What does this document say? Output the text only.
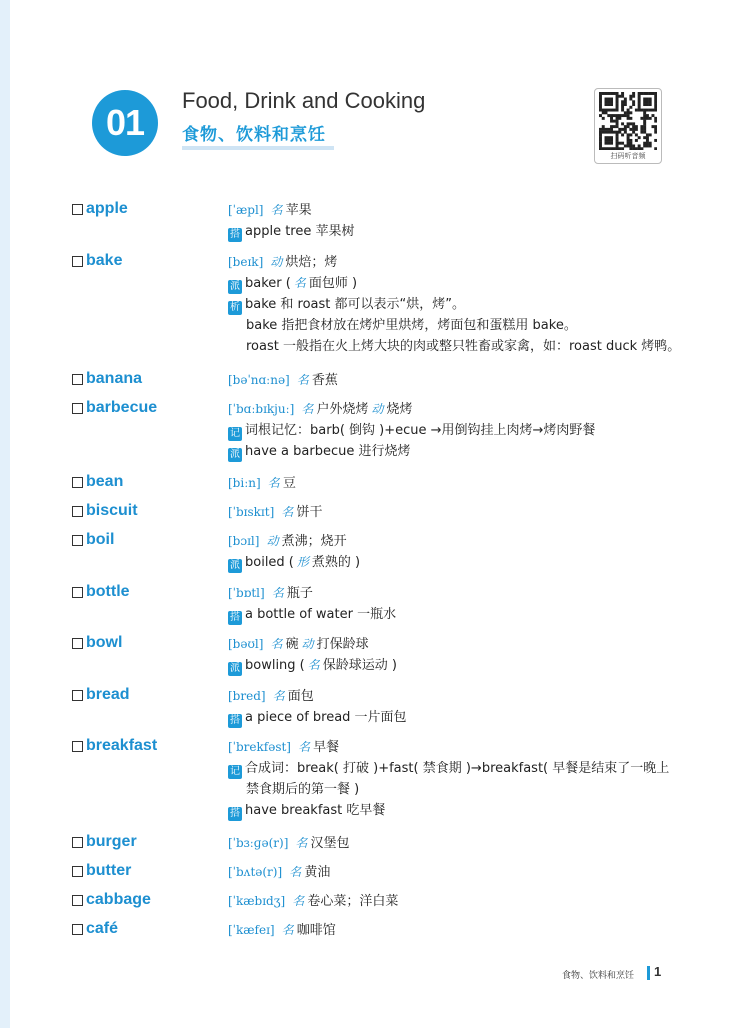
01
Food, Drink and Cooking
食物、饮料和烹饪
扫码听音频
apple	[ˈæpl] 名 苹果
搭 apple tree 苹果树
bake	[beɪk] 动 烘焙；烤
派 baker ( 名 面包师 )
析 bake 和 roast 都可以表示“烘，烤”。
bake 指把食材放在烤炉里烘烤，烤面包和蛋糕用 bake。
roast 一般指在火上烤大块的肉或整只牲畜或家禽，如：roast duck 烤鸭。
banana	[bəˈnɑːnə] 名 香蕉
barbecue	[ˈbɑːbɪkjuː] 名 户外烧烤 动 烧烤
记 词根记忆：barb( 倒钩 )+ecue →用倒钩挂上肉烤→烤肉野餐
派 have a barbecue 进行烧烤
bean	[biːn] 名 豆
biscuit	[ˈbɪskɪt] 名 饼干
boil	[bɔɪl] 动 煮沸；烧开
派 boiled ( 形 煮熟的 )
bottle	[ˈbɒtl] 名 瓶子
搭 a bottle of water 一瓶水
bowl	[bəʊl] 名 碗 动 打保龄球
派 bowling ( 名 保龄球运动 )
bread	[bred] 名 面包
搭 a piece of bread 一片面包
breakfast	[ˈbrekfəst] 名 早餐
记 合成词：break( 打破 )+fast( 禁食期 )→breakfast( 早餐是结束了一晚上
禁食期后的第一餐 )
搭 have breakfast 吃早餐
burger	[ˈbɜːɡə(r)] 名 汉堡包
butter	[ˈbʌtə(r)] 名 黄油
cabbage	[ˈkæbɪdʒ] 名 卷心菜；洋白菜
café	[ˈkæfeɪ] 名 咖啡馆
食物、饮料和烹饪 1
